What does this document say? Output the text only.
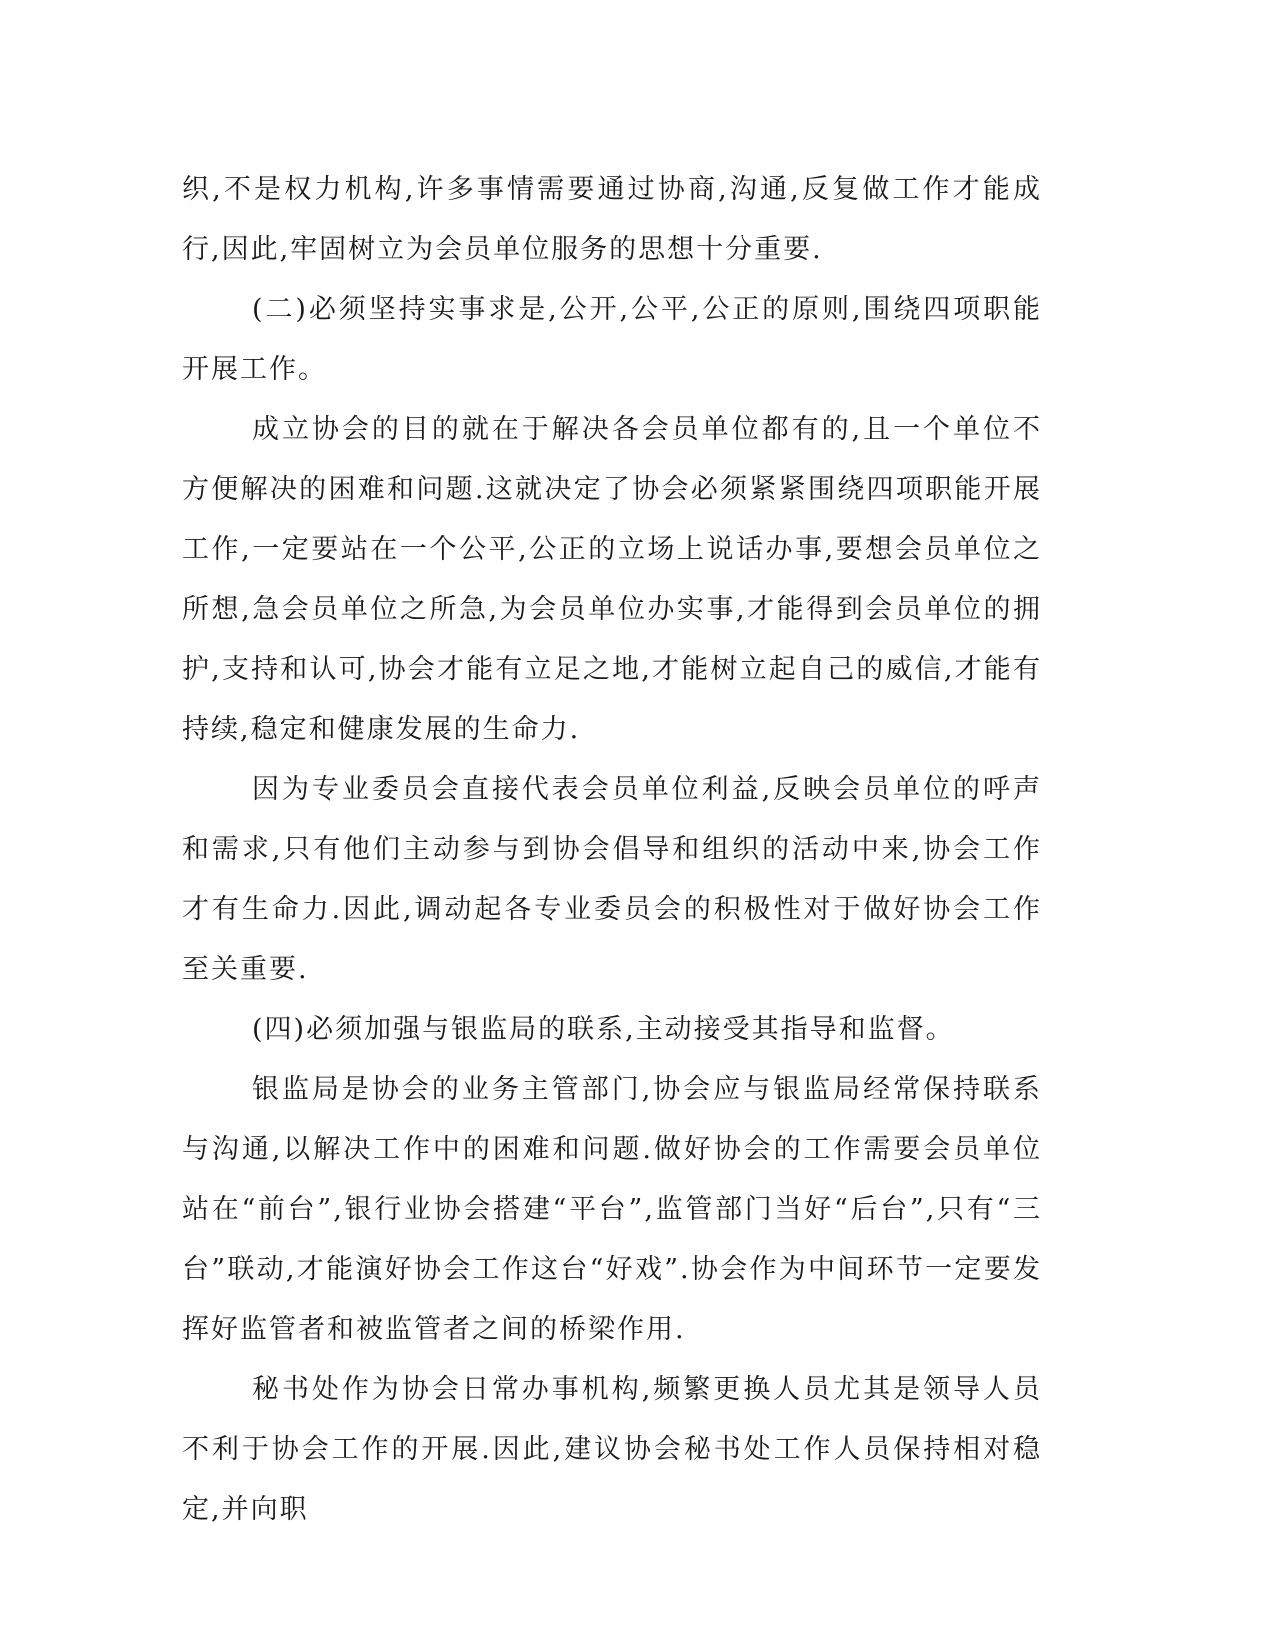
织,不是权力机构,许多事情需要通过协商,沟通,反复做工作才能成行,因此,牢固树立为会员单位服务的思想十分重要.

(二)必须坚持实事求是,公开,公平,公正的原则,围绕四项职能开展工作。

成立协会的目的就在于解决各会员单位都有的,且一个单位不方便解决的困难和问题.这就决定了协会必须紧紧围绕四项职能开展工作,一定要站在一个公平,公正的立场上说话办事,要想会员单位之所想,急会员单位之所急,为会员单位办实事,才能得到会员单位的拥护,支持和认可,协会才能有立足之地,才能树立起自己的威信,才能有持续,稳定和健康发展的生命力.

因为专业委员会直接代表会员单位利益,反映会员单位的呼声和需求,只有他们主动参与到协会倡导和组织的活动中来,协会工作才有生命力.因此,调动起各专业委员会的积极性对于做好协会工作至关重要.

(四)必须加强与银监局的联系,主动接受其指导和监督。

银监局是协会的业务主管部门,协会应与银监局经常保持联系与沟通,以解决工作中的困难和问题.做好协会的工作需要会员单位站在“前台”,银行业协会搭建“平台”,监管部门当好“后台”,只有“三台”联动,才能演好协会工作这台“好戏”.协会作为中间环节一定要发挥好监管者和被监管者之间的桥梁作用.

秘书处作为协会日常办事机构,频繁更换人员尤其是领导人员不利于协会工作的开展.因此,建议协会秘书处工作人员保持相对稳定,并向职
